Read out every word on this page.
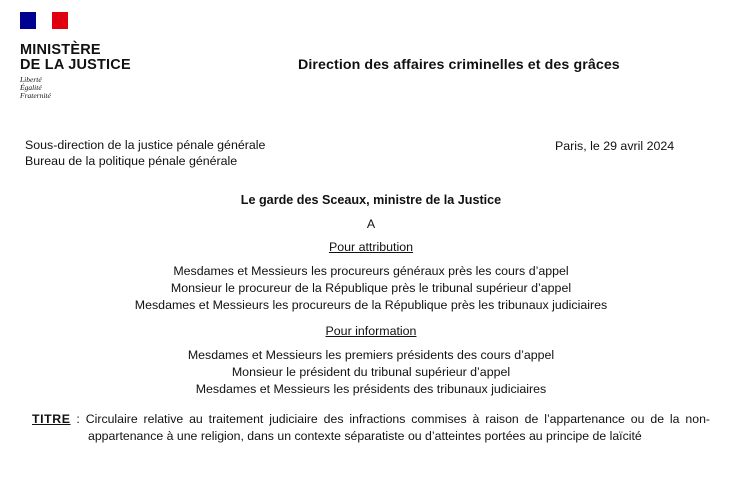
MINISTÈRE
DE LA JUSTICE
Liberté
Égalité
Fraternité
Direction des affaires criminelles et des grâces
Sous-direction de la justice pénale générale
Bureau de la politique pénale générale
Paris, le 29 avril 2024
Le garde des Sceaux, ministre de la Justice
A
Pour attribution
Mesdames et Messieurs les procureurs généraux près les cours d’appel
Monsieur le procureur de la République près le tribunal supérieur d’appel
Mesdames et Messieurs les procureurs de la République près les tribunaux judiciaires
Pour information
Mesdames et Messieurs les premiers présidents des cours d’appel
Monsieur le président du tribunal supérieur d’appel
Mesdames et Messieurs les présidents des tribunaux judiciaires
TITRE : Circulaire relative au traitement judiciaire des infractions commises à raison de l’appartenance ou de la non-appartenance à une religion, dans un contexte séparatiste ou d’atteintes portées au principe de laïcité
